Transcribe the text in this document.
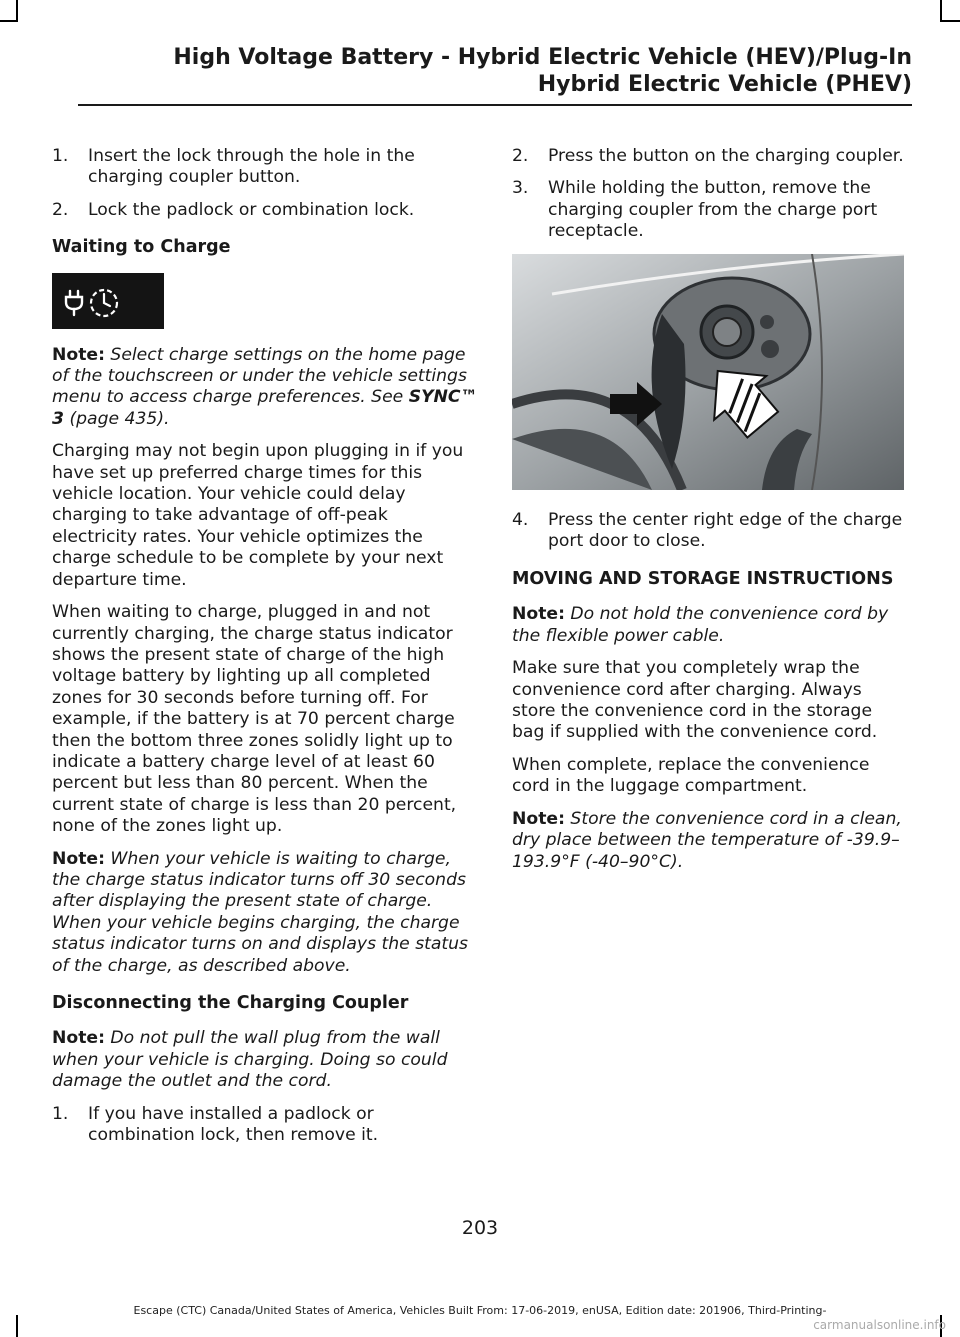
High Voltage Battery - Hybrid Electric Vehicle (HEV)/Plug-In
Hybrid Electric Vehicle (PHEV)
1. Insert the lock through the hole in the charging coupler button.
2. Lock the padlock or combination lock.
Waiting to Charge

Note: Select charge settings on the home page of the touchscreen or under the vehicle settings menu to access charge preferences. See SYNC™ 3 (page 435).

Charging may not begin upon plugging in if you have set up preferred charge times for this vehicle location. Your vehicle could delay charging to take advantage of off-peak electricity rates. Your vehicle optimizes the charge schedule to be complete by your next departure time.

When waiting to charge, plugged in and not currently charging, the charge status indicator shows the present state of charge of the high voltage battery by lighting up all completed zones for 30 seconds before turning off. For example, if the battery is at 70 percent charge then the bottom three zones solidly light up to indicate a battery charge level of at least 60 percent but less than 80 percent. When the current state of charge is less than 20 percent, none of the zones light up.

Note: When your vehicle is waiting to charge, the charge status indicator turns off 30 seconds after displaying the present state of charge. When your vehicle begins charging, the charge status indicator turns on and displays the status of the charge, as described above.

Disconnecting the Charging Coupler

Note: Do not pull the wall plug from the wall when your vehicle is charging. Doing so could damage the outlet and the cord.

1. If you have installed a padlock or combination lock, then remove it.
2. Press the button on the charging coupler.
3. While holding the button, remove the charging coupler from the charge port receptacle.
4. Press the center right edge of the charge port door to close.
MOVING AND STORAGE INSTRUCTIONS

Note: Do not hold the convenience cord by the flexible power cable.

Make sure that you completely wrap the convenience cord after charging. Always store the convenience cord in the storage bag if supplied with the convenience cord.

When complete, replace the convenience cord in the luggage compartment.

Note: Store the convenience cord in a clean, dry place between the temperature of -39.9–193.9°F (-40–90°C).

203
Escape (CTC) Canada/United States of America, Vehicles Built From: 17-06-2019, enUSA, Edition date: 201906, Third-Printing-
carmanualsonline.info
